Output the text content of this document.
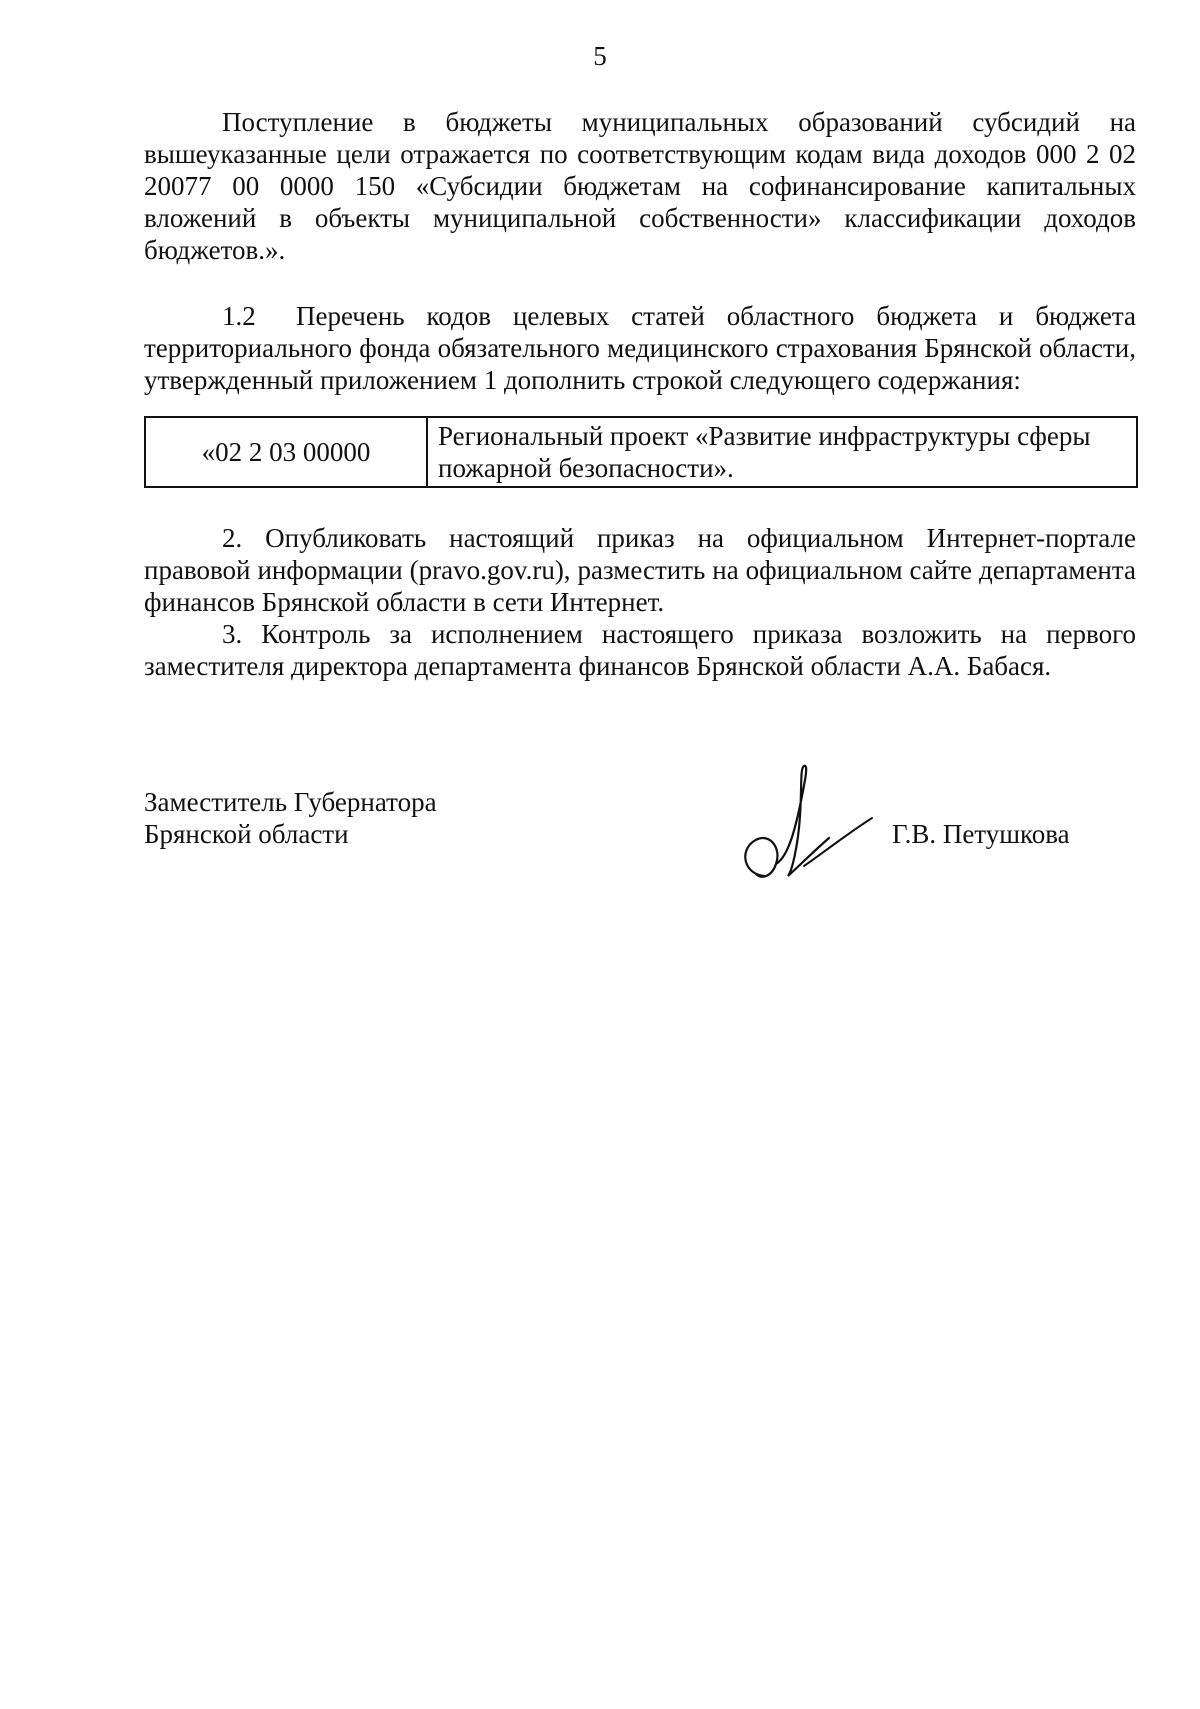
5

Поступление в бюджеты муниципальных образований субсидий на вышеуказанные цели отражается по соответствующим кодам вида доходов 000 2 02 20077 00 0000 150 «Субсидии бюджетам на софинансирование капитальных вложений в объекты муниципальной собственности» классификации доходов бюджетов.».

1.2 Перечень кодов целевых статей областного бюджета и бюджета территориального фонда обязательного медицинского страхования Брянской области, утвержденный приложением 1 дополнить строкой следующего содержания:

«02 2 03 00000	Региональный проект «Развитие инфраструктуры сферы пожарной безопасности».

2. Опубликовать настоящий приказ на официальном Интернет-портале правовой информации (pravo.gov.ru), разместить на официальном сайте департамента финансов Брянской области в сети Интернет.

3. Контроль за исполнением настоящего приказа возложить на первого заместителя директора департамента финансов Брянской области А.А. Бабася.

Заместитель Губернатора
Брянской области	Г.В. Петушкова
